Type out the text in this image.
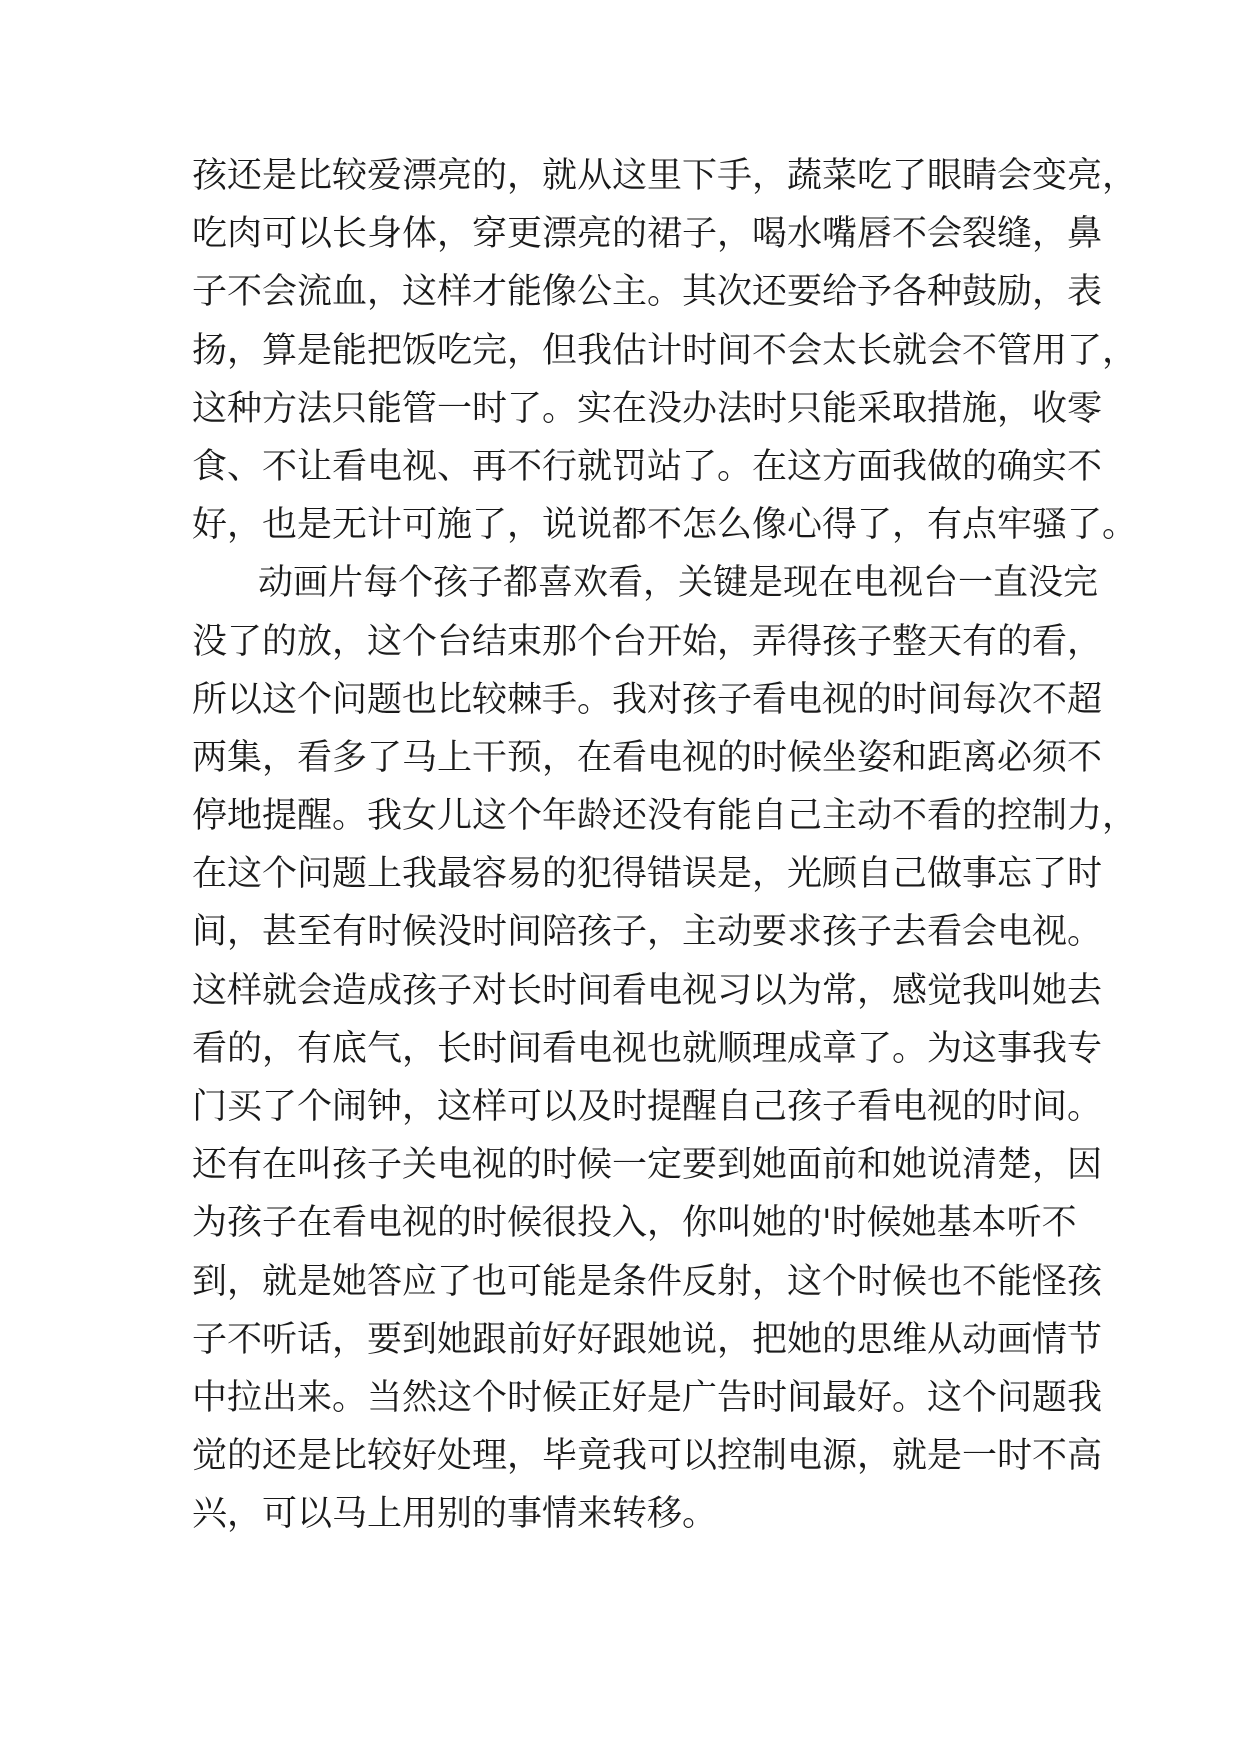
孩还是比较爱漂亮的，就从这里下手，蔬菜吃了眼睛会变亮，
吃肉可以长身体，穿更漂亮的裙子，喝水嘴唇不会裂缝，鼻
子不会流血，这样才能像公主。其次还要给予各种鼓励，表
扬，算是能把饭吃完，但我估计时间不会太长就会不管用了，
这种方法只能管一时了。实在没办法时只能采取措施，收零
食、不让看电视、再不行就罚站了。在这方面我做的确实不
好，也是无计可施了，说说都不怎么像心得了，有点牢骚了。
动画片每个孩子都喜欢看，关键是现在电视台一直没完
没了的放，这个台结束那个台开始，弄得孩子整天有的看，
所以这个问题也比较棘手。我对孩子看电视的时间每次不超
两集，看多了马上干预，在看电视的时候坐姿和距离必须不
停地提醒。我女儿这个年龄还没有能自己主动不看的控制力，
在这个问题上我最容易的犯得错误是，光顾自己做事忘了时
间，甚至有时候没时间陪孩子，主动要求孩子去看会电视。
这样就会造成孩子对长时间看电视习以为常，感觉我叫她去
看的，有底气，长时间看电视也就顺理成章了。为这事我专
门买了个闹钟，这样可以及时提醒自己孩子看电视的时间。
还有在叫孩子关电视的时候一定要到她面前和她说清楚，因
为孩子在看电视的时候很投入，你叫她的'时候她基本听不
到，就是她答应了也可能是条件反射，这个时候也不能怪孩
子不听话，要到她跟前好好跟她说，把她的思维从动画情节
中拉出来。当然这个时候正好是广告时间最好。这个问题我
觉的还是比较好处理，毕竟我可以控制电源，就是一时不高
兴，可以马上用别的事情来转移。
